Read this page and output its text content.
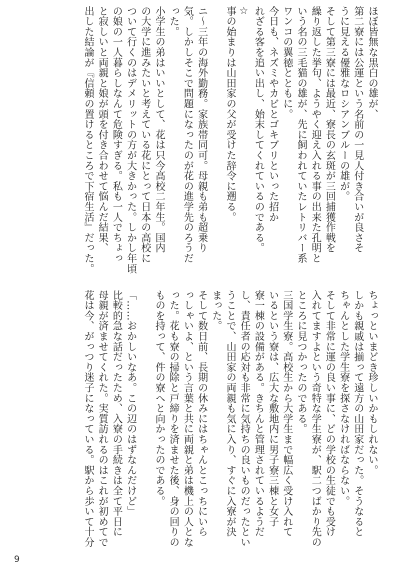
ほぼ皆無な黒白の雄が、
第二寮には公運という名前の一見人付き合いが良さそ
うに見える優雅なロシアンブルーの雄が。
そして第三寮には最近、寮長の玄斑が三回捕獲作戦を
繰り返した挙句、ようやく迎え入れる事の出来た孔明と
いう名の三毛猫の雄が、先に飼われていたレトリバー系
ワンコの翼徳とともに。
今日も、ネズミやカビとゴキブリといった招か
れざる客を追い出し、始末してくれているのである。
☆
事の始まりは山田家の父が受けた辞令に遡る。
ニ〜三年の海外勤務。家族帯同可。母親も弟も超乗り
気。しかしそこで問題になったのが花の進学先のろうだ
った。
小学生の弟はいいとして、花は只今高校二年生。国内
の大学に進みたいと考えている花にとって日本の高校に
ついて行くのはデメリットの方が大きかった。しかし年頃
の娘の一人暮らしなんて危険すぎる。私も一人でちょっ
と寂しいと両親と娘が頭を付き合わせて悩んだ結果、
出した結論が『信頼の置けるところで下宿生活』だった。
ちょっといまどき珍しいかもしれない。
しかも親戚は揃って遠方の山田家だった。そうなると
ちゃんとした学生寮を探さなければならない。
そして非常に運の良い事に、どの学校の生徒でも受け
入れてますよという奇特な学生寮が、駅二つばかり先の
ところに見つかったのである。
三国学生寮。高校生から大学生まで幅広く受け入れて
いるという寮は、広大な敷地内に男子寮三棟と女子
寮一棟の設備がある。きちんと管理されているようだ
し、責任者の応対も非常に気持ちの良いものだったとい
うことで、山田家の両親も気に入り、すぐに入寮が決
まった。
そして数日前、長期の休みにはちゃんとこっちにいら
っしゃいよ、という言葉と共に両親と弟は機上の人とな
った。花も寮の掃除と戸締りを済ませた後、身の回りの
ものを持って、件の寮へと向かったのである。
「……おかしいなあ。この辺のはずなんだけど」
比較的急な話だったため、入寮の手続きは全て平日に
母親が済ませてくれた。実質訪れるのはこれが初めてで
花は今、がっつり迷子になっている。駅から歩いて十分
9
